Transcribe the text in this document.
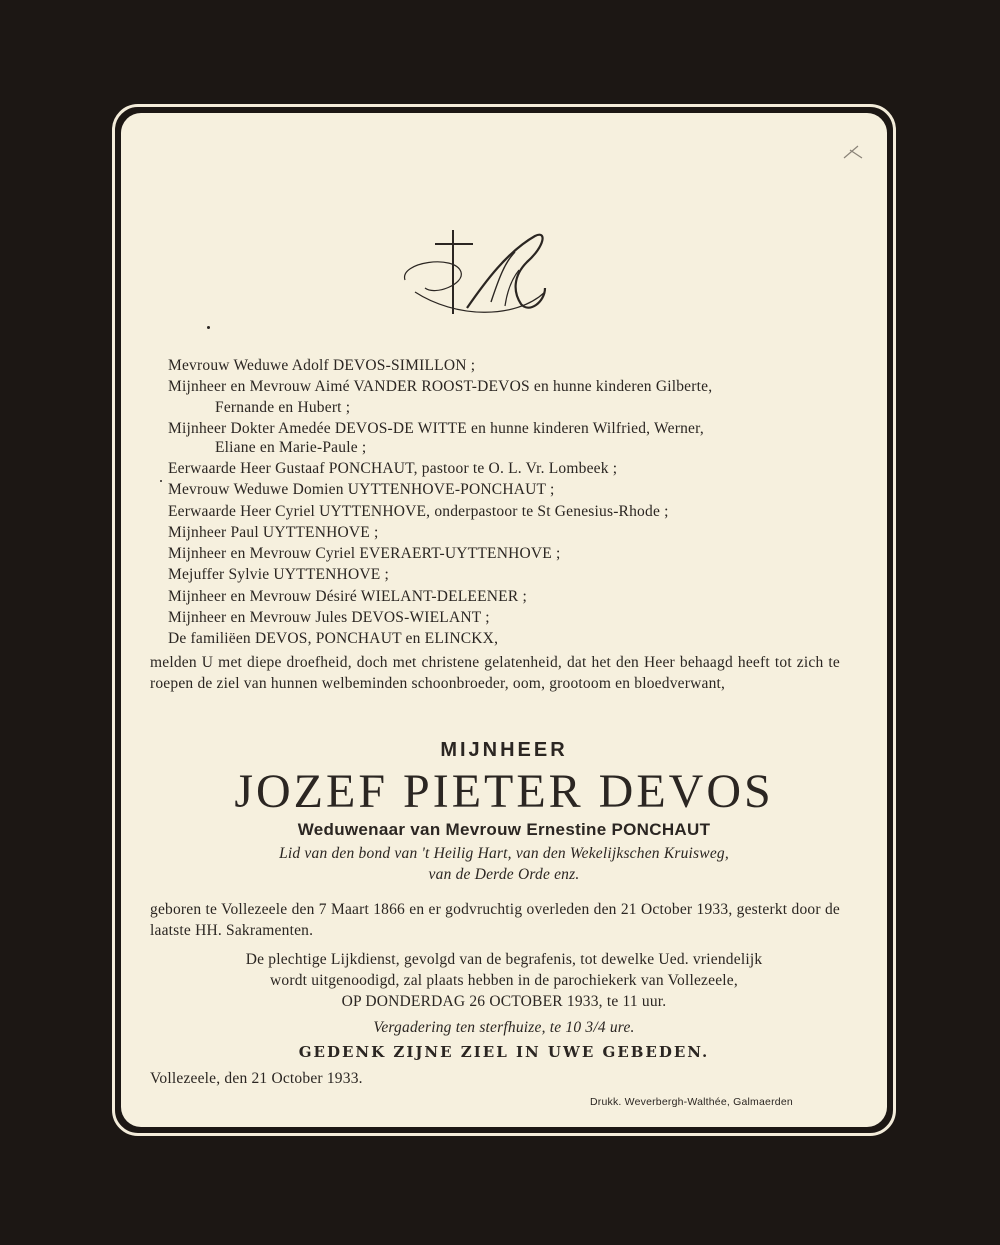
Mevrouw Weduwe Adolf DEVOS-SIMILLON ;
Mijnheer en Mevrouw Aimé VANDER ROOST-DEVOS en hunne kinderen Gilberte,
Fernande en Hubert ;
Mijnheer Dokter Amedée DEVOS-DE WITTE en hunne kinderen Wilfried, Werner,
Eliane en Marie-Paule ;
Eerwaarde Heer Gustaaf PONCHAUT, pastoor te O. L. Vr. Lombeek ;
Mevrouw Weduwe Domien UYTTENHOVE-PONCHAUT ;
Eerwaarde Heer Cyriel UYTTENHOVE, onderpastoor te St Genesius-Rhode ;
Mijnheer Paul UYTTENHOVE ;
Mijnheer en Mevrouw Cyriel EVERAERT-UYTTENHOVE ;
Mejuffer Sylvie UYTTENHOVE ;
Mijnheer en Mevrouw Désiré WIELANT-DELEENER ;
Mijnheer en Mevrouw Jules DEVOS-WIELANT ;
De familiëen DEVOS, PONCHAUT en ELINCKX,
melden U met diepe droefheid, doch met christene gelatenheid, dat het den Heer behaagd heeft tot zich te roepen de ziel van hunnen welbeminden schoonbroeder, oom, grootoom en bloedverwant,
MIJNHEER
JOZEF PIETER DEVOS
Weduwenaar van Mevrouw Ernestine PONCHAUT
Lid van den bond van 't Heilig Hart, van den Wekelijkschen Kruisweg,
van de Derde Orde enz.
geboren te Vollezeele den 7 Maart 1866 en er godvruchtig overleden den 21 October 1933, gesterkt door de laatste HH. Sakramenten.
De plechtige Lijkdienst, gevolgd van de begrafenis, tot dewelke Ued. vriendelijk
wordt uitgenoodigd, zal plaats hebben in de parochiekerk van Vollezeele,
OP DONDERDAG 26 OCTOBER 1933, te 11 uur.
Vergadering ten sterfhuize, te 10 3/4 ure.
GEDENK ZIJNE ZIEL IN UWE GEBEDEN.
Vollezeele, den 21 October 1933.
Drukk. Weverbergh-Walthée, Galmaerden
